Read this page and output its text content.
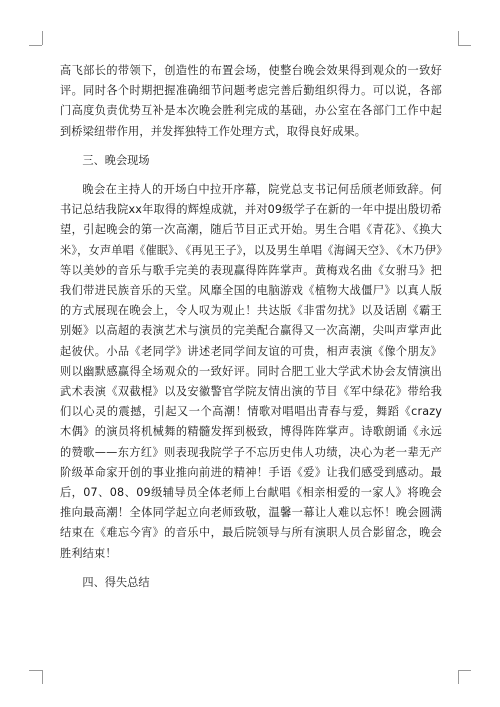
高飞部长的带领下，创造性的布置会场，使整台晚会效果得到观众的一致好评。同时各个时期把握准确细节问题考虑完善后勤组织得力。可以说，各部门高度负责优势互补是本次晚会胜利完成的基础，办公室在各部门工作中起到桥梁纽带作用，并发挥独特工作处理方式，取得良好成果。

三、晚会现场

晚会在主持人的开场白中拉开序幕，院党总支书记何岳颀老师致辞。何书记总结我院xx年取得的辉煌成就，并对09级学子在新的一年中提出殷切希望，引起晚会的第一次高潮，随后节目正式开始。男生合唱《青花》、《换大米》，女声单唱《催眠》、《再见王子》，以及男生单唱《海阔天空》、《木乃伊》等以美妙的音乐与歌手完美的表现赢得阵阵掌声。黄梅戏名曲《女驸马》把我们带进民族音乐的天堂。风靡全国的电脑游戏《植物大战僵尸》以真人版的方式展现在晚会上，令人叹为观止！共达版《非雷勿扰》以及话剧《霸王别姬》以高超的表演艺术与演员的完美配合赢得又一次高潮，尖叫声掌声此起彼伏。小品《老同学》讲述老同学间友谊的可贵，相声表演《像个朋友》则以幽默感赢得全场观众的一致好评。同时合肥工业大学武术协会友情演出武术表演《双截棍》以及安徽警官学院友情出演的节目《军中绿花》带给我们以心灵的震撼，引起又一个高潮！情歌对唱唱出青春与爱，舞蹈《crazy木偶》的演员将机械舞的精髓发挥到极致，博得阵阵掌声。诗歌朗诵《永远的赞歌——东方红》则表现我院学子不忘历史伟人功绩，决心为老一辈无产阶级革命家开创的事业推向前进的精神！手语《爱》让我们感受到感动。最后，07、08、09级辅导员全体老师上台献唱《相亲相爱的一家人》将晚会推向最高潮！全体同学起立向老师致敬，温馨一幕让人难以忘怀！晚会圆满结束在《难忘今宵》的音乐中，最后院领导与所有演职人员合影留念，晚会胜利结束！

四、得失总结
